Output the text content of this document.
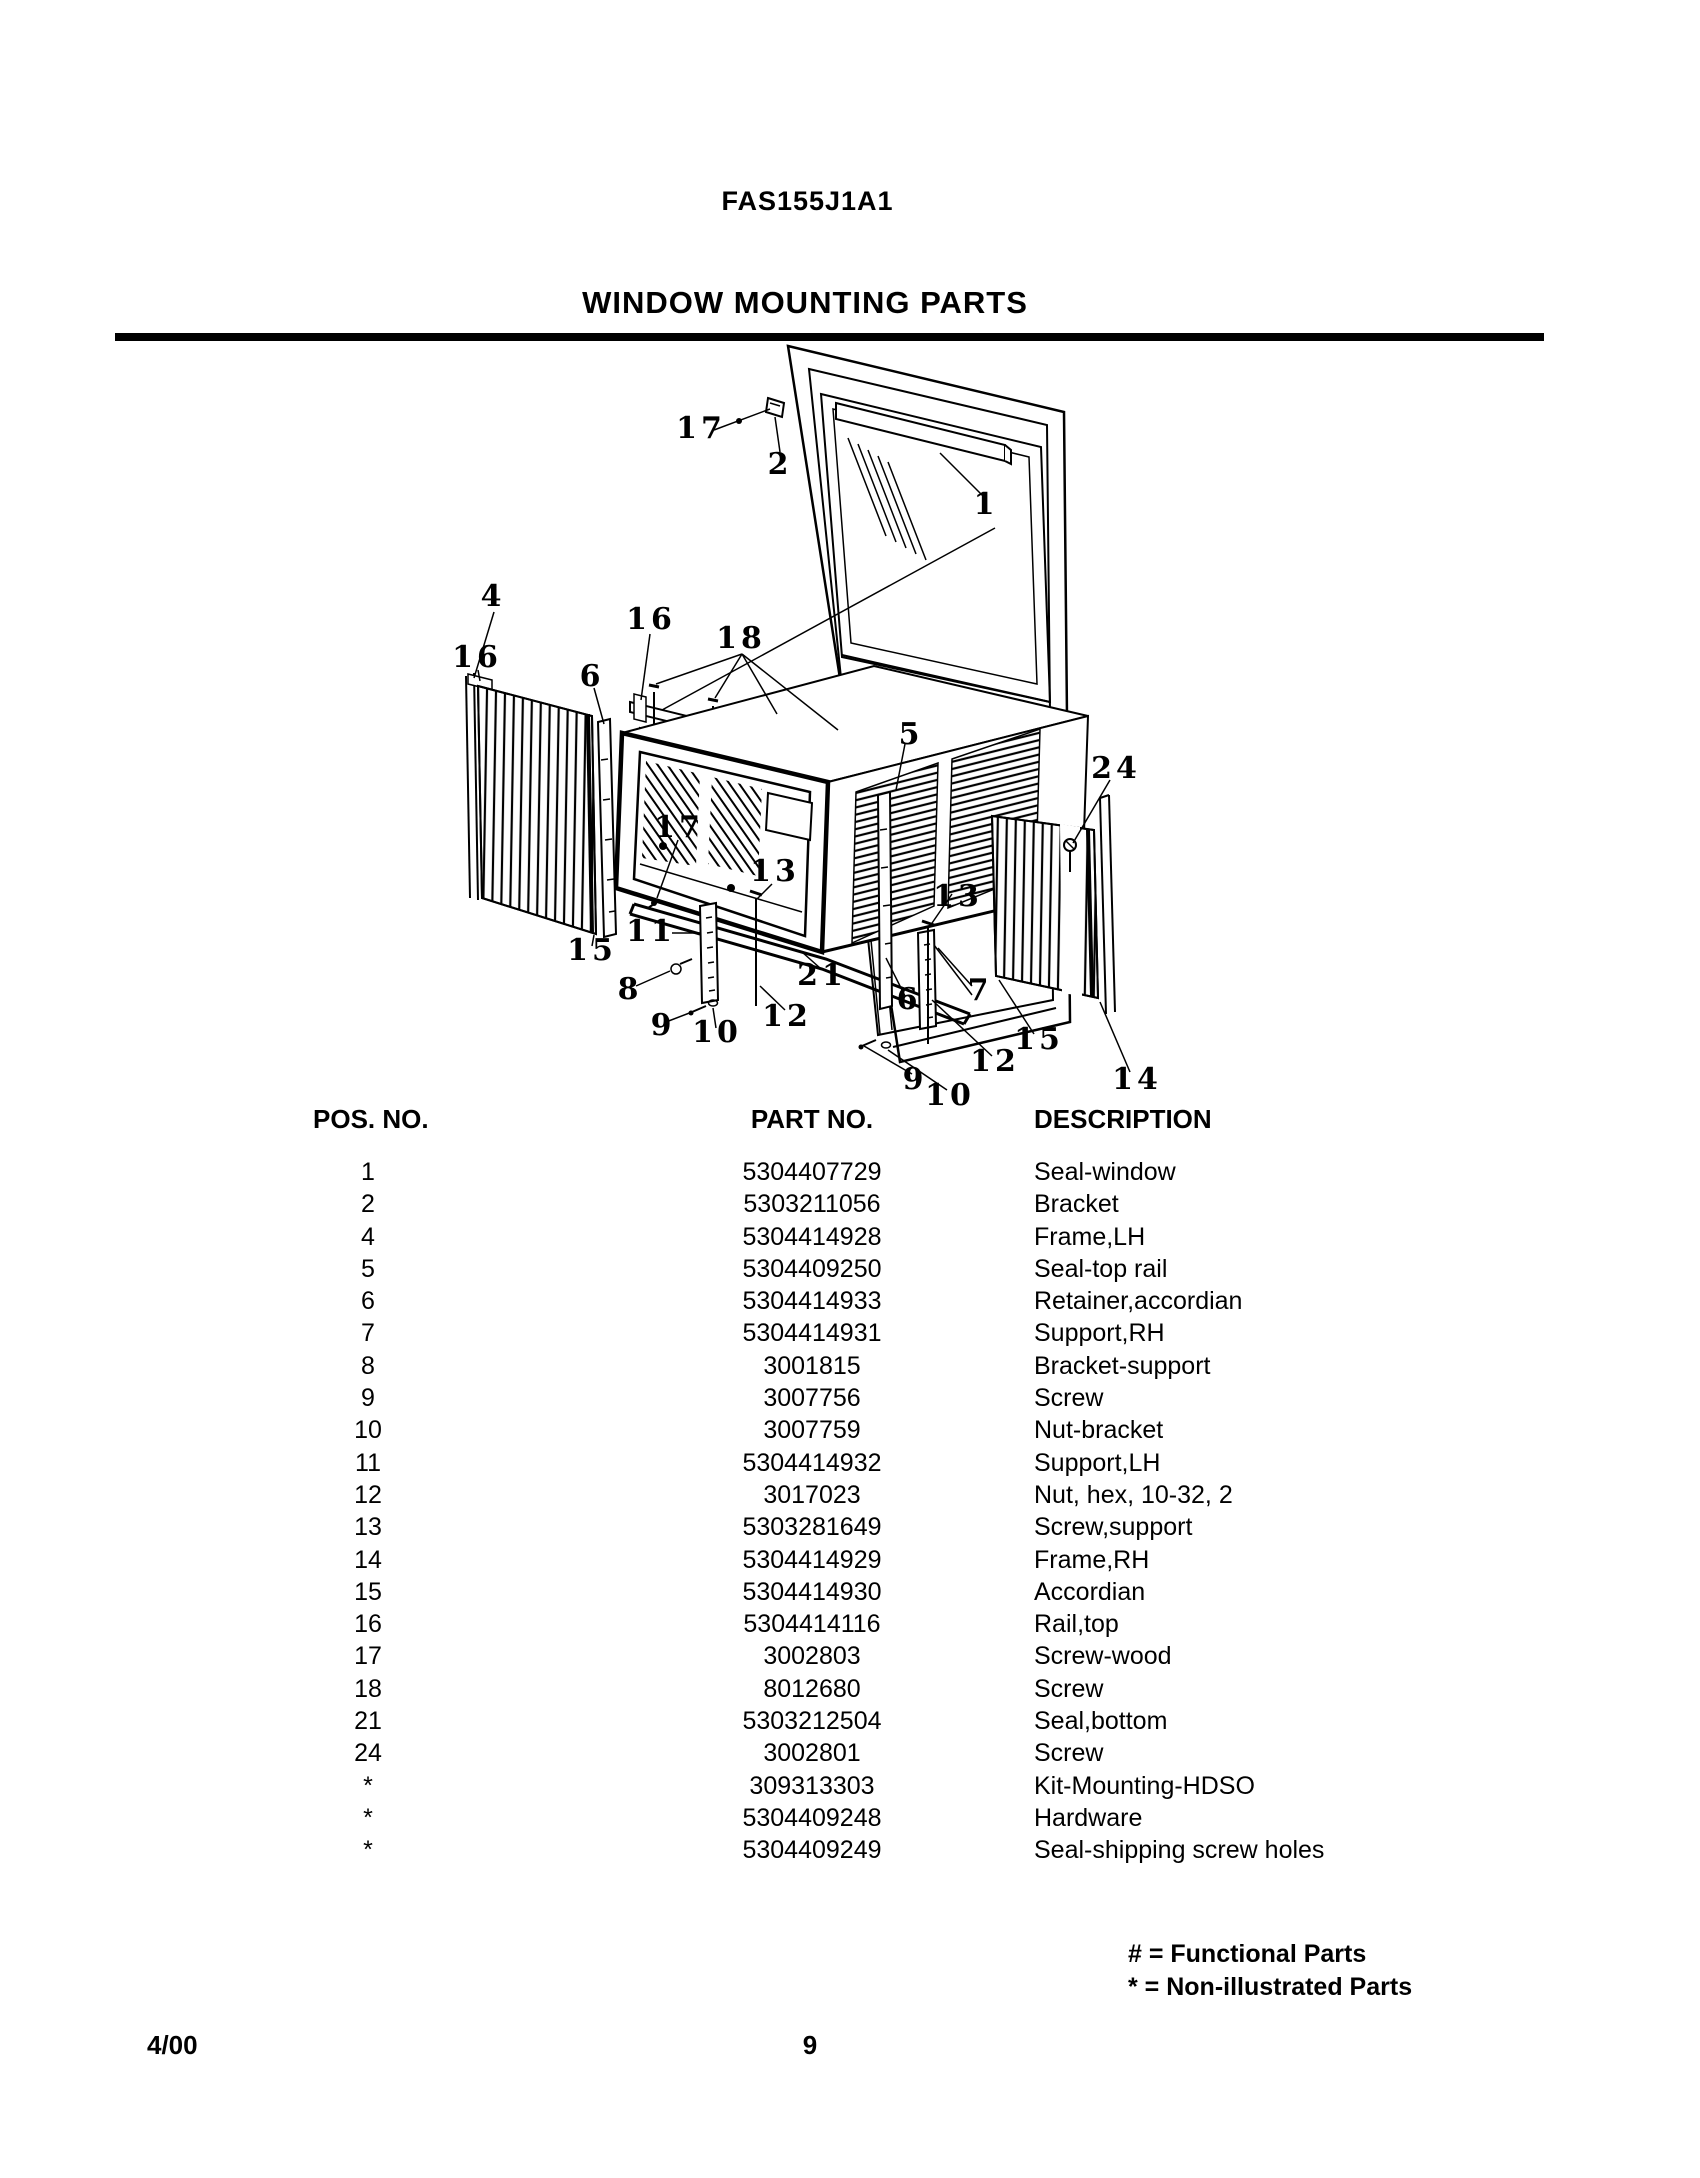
FAS155J1A1
WINDOW MOUNTING PARTS
17
2
1
4
16
6
16
18
5
24
17
13
15
11
8
9 10 12
21
6
13
7
9
10
12
15
14
POS. NO.	PART NO.	DESCRIPTION
1	5304407729	Seal-window
2	5303211056	Bracket
4	5304414928	Frame,LH
5	5304409250	Seal-top rail
6	5304414933	Retainer,accordian
7	5304414931	Support,RH
8	3001815	Bracket-support
9	3007756	Screw
10	3007759	Nut-bracket
11	5304414932	Support,LH
12	3017023	Nut, hex, 10-32, 2
13	5303281649	Screw,support
14	5304414929	Frame,RH
15	5304414930	Accordian
16	5304414116	Rail,top
17	3002803	Screw-wood
18	8012680	Screw
21	5303212504	Seal,bottom
24	3002801	Screw
*	309313303	Kit-Mounting-HDSO
*	5304409248	Hardware
*	5304409249	Seal-shipping screw holes
# = Functional Parts
* = Non-illustrated Parts
4/00	9
